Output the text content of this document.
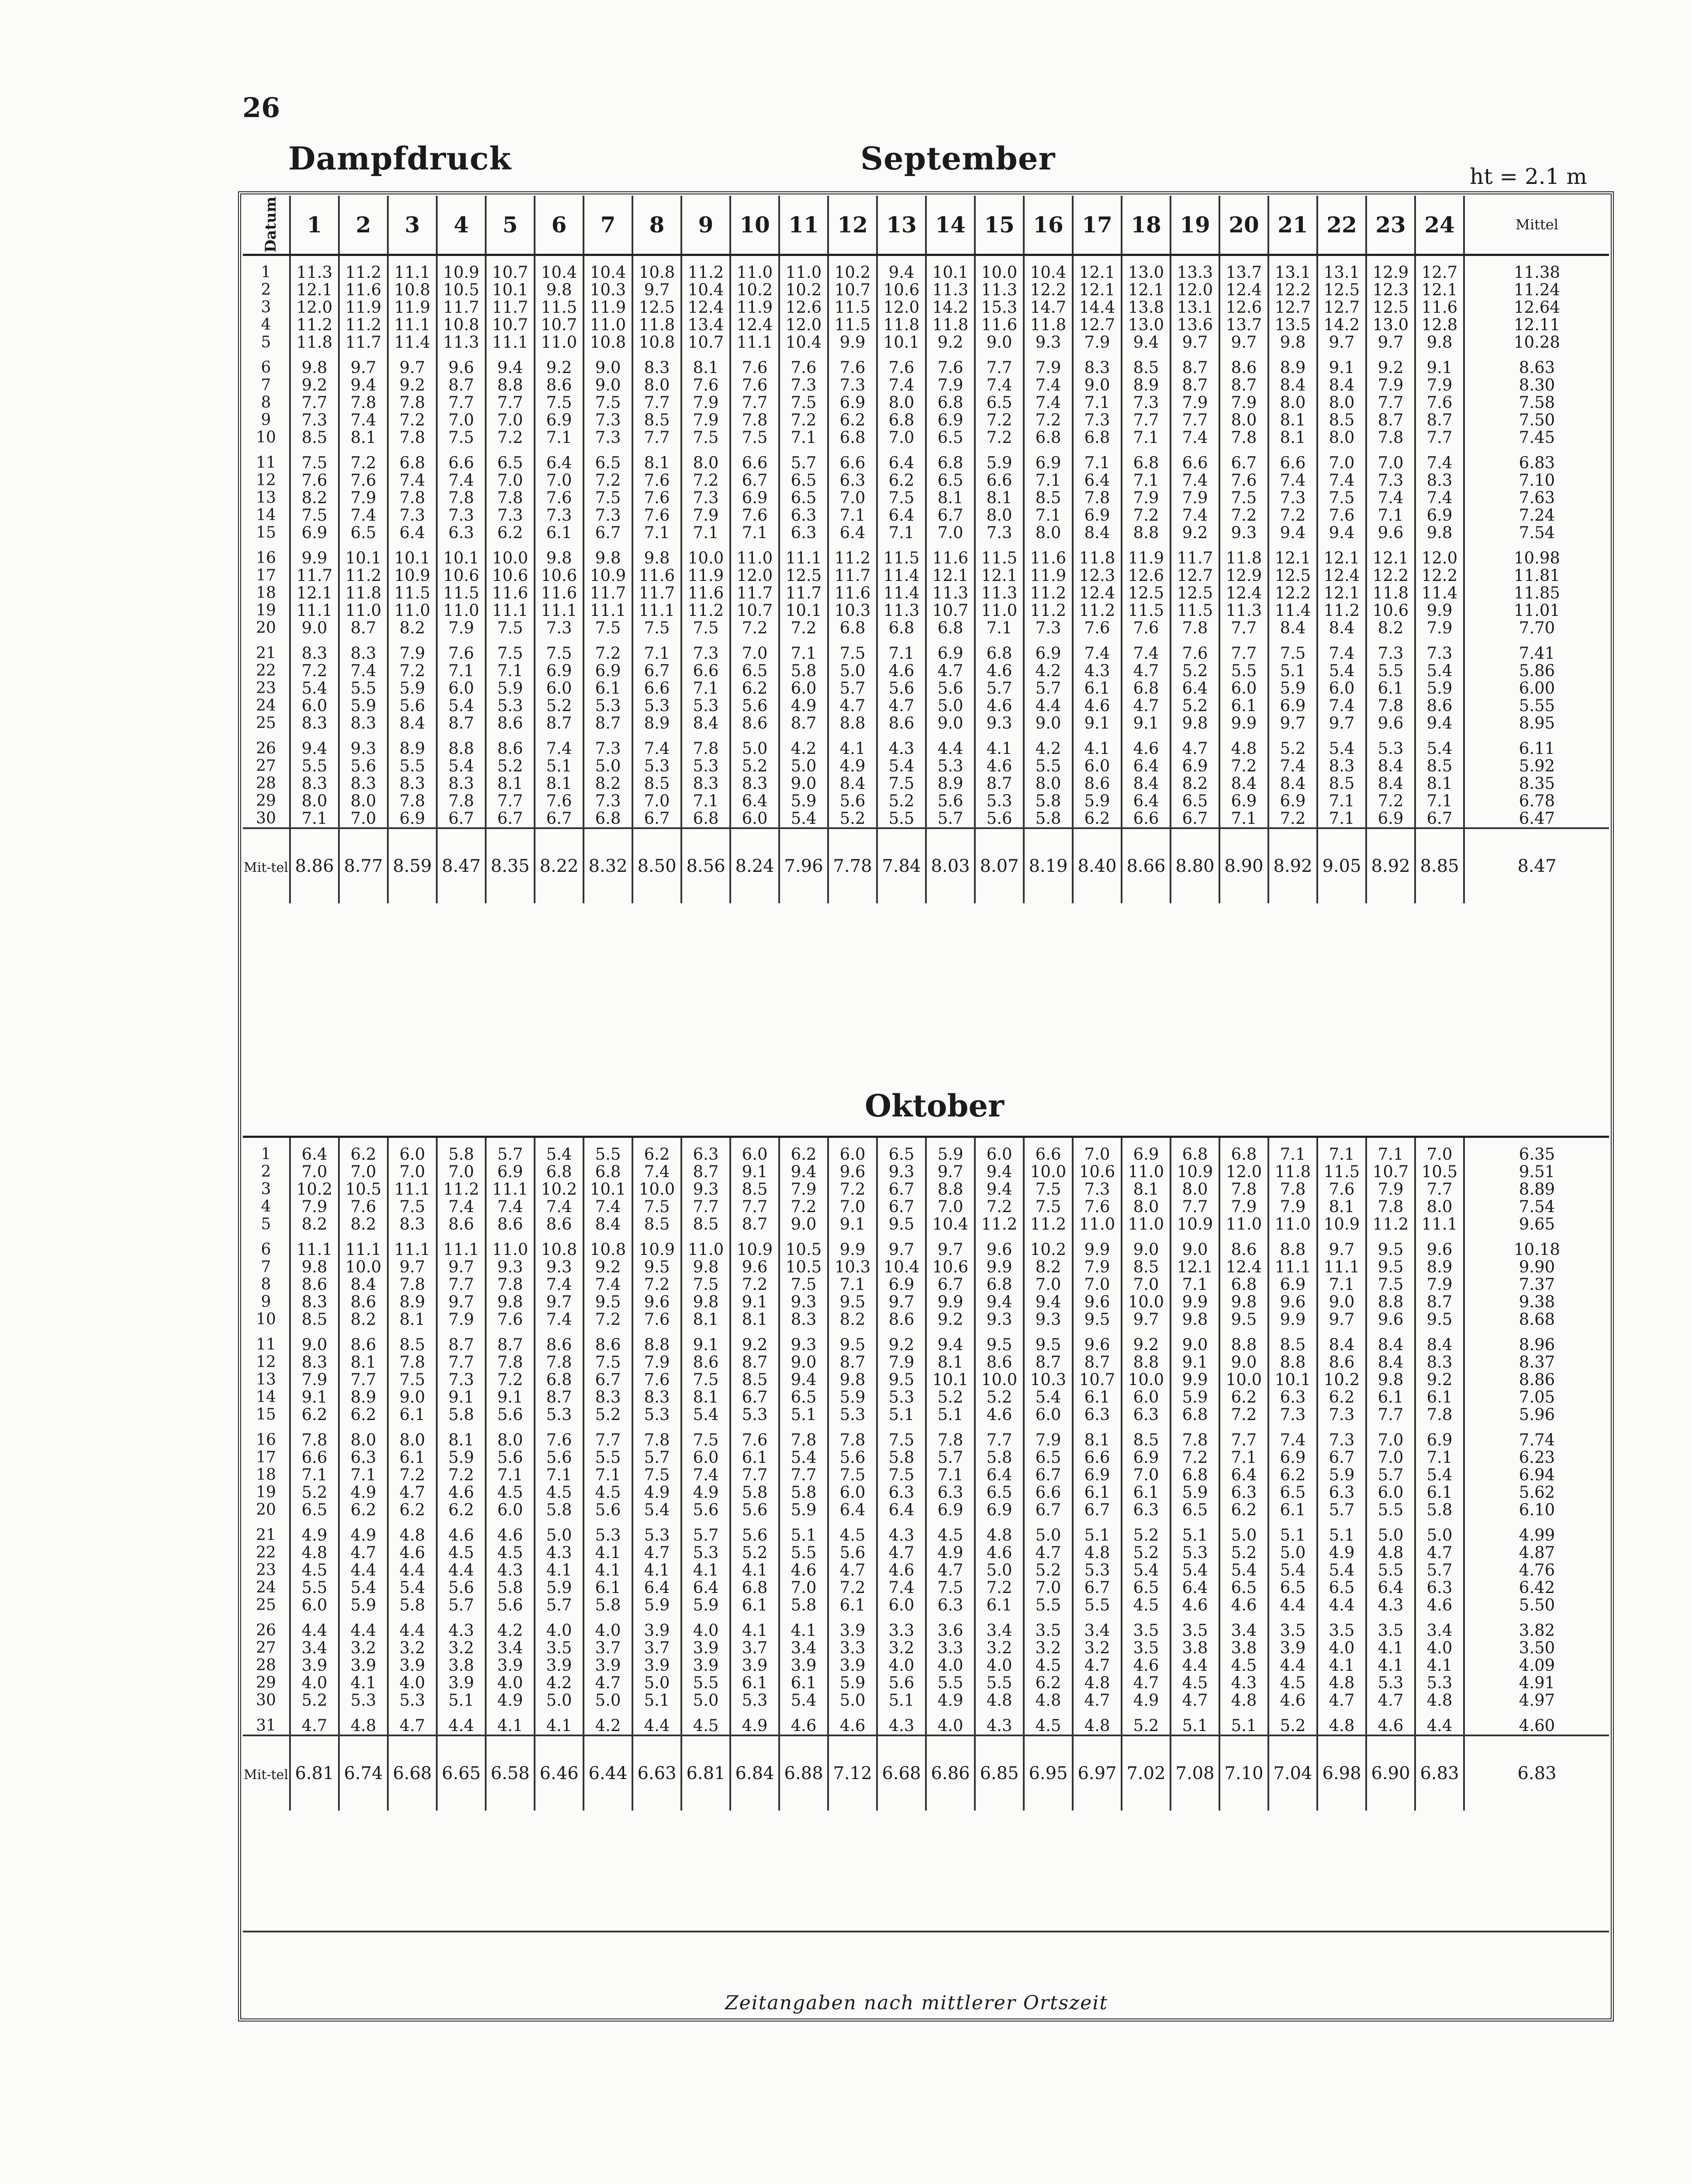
26
Dampfdruck	September	ht = 2.1 m
Datum	1	2	3	4	5	6	7	8	9	10	11	12	13	14	15	16	17	18	19	20	21	22	23	24	Mittel
1	11.3	11.2	11.1	10.9	10.7	10.4	10.4	10.8	11.2	11.0	11.0	10.2	9.4	10.1	10.0	10.4	12.1	13.0	13.3	13.7	13.1	13.1	12.9	12.7	11.38
2	12.1	11.6	10.8	10.5	10.1	9.8	10.3	9.7	10.4	10.2	10.2	10.7	10.6	11.3	11.3	12.2	12.1	12.1	12.0	12.4	12.2	12.5	12.3	12.1	11.24
3	12.0	11.9	11.9	11.7	11.7	11.5	11.9	12.5	12.4	11.9	12.6	11.5	12.0	14.2	15.3	14.7	14.4	13.8	13.1	12.6	12.7	12.7	12.5	11.6	12.64
4	11.2	11.2	11.1	10.8	10.7	10.7	11.0	11.8	13.4	12.4	12.0	11.5	11.8	11.8	11.6	11.8	12.7	13.0	13.6	13.7	13.5	14.2	13.0	12.8	12.11
5	11.8	11.7	11.4	11.3	11.1	11.0	10.8	10.8	10.7	11.1	10.4	9.9	10.1	9.2	9.0	9.3	7.9	9.4	9.7	9.7	9.8	9.7	9.7	9.8	10.28
6	9.8	9.7	9.7	9.6	9.4	9.2	9.0	8.3	8.1	7.6	7.6	7.6	7.6	7.6	7.7	7.9	8.3	8.5	8.7	8.6	8.9	9.1	9.2	9.1	8.63
7	9.2	9.4	9.2	8.7	8.8	8.6	9.0	8.0	7.6	7.6	7.3	7.3	7.4	7.9	7.4	7.4	9.0	8.9	8.7	8.7	8.4	8.4	7.9	7.9	8.30
8	7.7	7.8	7.8	7.7	7.7	7.5	7.5	7.7	7.9	7.7	7.5	6.9	8.0	6.8	6.5	7.4	7.1	7.3	7.9	7.9	8.0	8.0	7.7	7.6	7.58
9	7.3	7.4	7.2	7.0	7.0	6.9	7.3	8.5	7.9	7.8	7.2	6.2	6.8	6.9	7.2	7.2	7.3	7.7	7.7	8.0	8.1	8.5	8.7	8.7	7.50
10	8.5	8.1	7.8	7.5	7.2	7.1	7.3	7.7	7.5	7.5	7.1	6.8	7.0	6.5	7.2	6.8	6.8	7.1	7.4	7.8	8.1	8.0	7.8	7.7	7.45
11	7.5	7.2	6.8	6.6	6.5	6.4	6.5	8.1	8.0	6.6	5.7	6.6	6.4	6.8	5.9	6.9	7.1	6.8	6.6	6.7	6.6	7.0	7.0	7.4	6.83
12	7.6	7.6	7.4	7.4	7.0	7.0	7.2	7.6	7.2	6.7	6.5	6.3	6.2	6.5	6.6	7.1	6.4	7.1	7.4	7.6	7.4	7.4	7.3	8.3	7.10
13	8.2	7.9	7.8	7.8	7.8	7.6	7.5	7.6	7.3	6.9	6.5	7.0	7.5	8.1	8.1	8.5	7.8	7.9	7.9	7.5	7.3	7.5	7.4	7.4	7.63
14	7.5	7.4	7.3	7.3	7.3	7.3	7.3	7.6	7.9	7.6	6.3	7.1	6.4	6.7	8.0	7.1	6.9	7.2	7.4	7.2	7.2	7.6	7.1	6.9	7.24
15	6.9	6.5	6.4	6.3	6.2	6.1	6.7	7.1	7.1	7.1	6.3	6.4	7.1	7.0	7.3	8.0	8.4	8.8	9.2	9.3	9.4	9.4	9.6	9.8	7.54
16	9.9	10.1	10.1	10.1	10.0	9.8	9.8	9.8	10.0	11.0	11.1	11.2	11.5	11.6	11.5	11.6	11.8	11.9	11.7	11.8	12.1	12.1	12.1	12.0	10.98
17	11.7	11.2	10.9	10.6	10.6	10.6	10.9	11.6	11.9	12.0	12.5	11.7	11.4	12.1	12.1	11.9	12.3	12.6	12.7	12.9	12.5	12.4	12.2	12.2	11.81
18	12.1	11.8	11.5	11.5	11.6	11.6	11.7	11.7	11.6	11.7	11.7	11.6	11.4	11.3	11.3	11.2	12.4	12.5	12.5	12.4	12.2	12.1	11.8	11.4	11.85
19	11.1	11.0	11.0	11.0	11.1	11.1	11.1	11.1	11.2	10.7	10.1	10.3	11.3	10.7	11.0	11.2	11.2	11.5	11.5	11.3	11.4	11.2	10.6	9.9	11.01
20	9.0	8.7	8.2	7.9	7.5	7.3	7.5	7.5	7.5	7.2	7.2	6.8	6.8	6.8	7.1	7.3	7.6	7.6	7.8	7.7	8.4	8.4	8.2	7.9	7.70
21	8.3	8.3	7.9	7.6	7.5	7.5	7.2	7.1	7.3	7.0	7.1	7.5	7.1	6.9	6.8	6.9	7.4	7.4	7.6	7.7	7.5	7.4	7.3	7.3	7.41
22	7.2	7.4	7.2	7.1	7.1	6.9	6.9	6.7	6.6	6.5	5.8	5.0	4.6	4.7	4.6	4.2	4.3	4.7	5.2	5.5	5.1	5.4	5.5	5.4	5.86
23	5.4	5.5	5.9	6.0	5.9	6.0	6.1	6.6	7.1	6.2	6.0	5.7	5.6	5.6	5.7	5.7	6.1	6.8	6.4	6.0	5.9	6.0	6.1	5.9	6.00
24	6.0	5.9	5.6	5.4	5.3	5.2	5.3	5.3	5.3	5.6	4.9	4.7	4.7	5.0	4.6	4.4	4.6	4.7	5.2	6.1	6.9	7.4	7.8	8.6	5.55
25	8.3	8.3	8.4	8.7	8.6	8.7	8.7	8.9	8.4	8.6	8.7	8.8	8.6	9.0	9.3	9.0	9.1	9.1	9.8	9.9	9.7	9.7	9.6	9.4	8.95
26	9.4	9.3	8.9	8.8	8.6	7.4	7.3	7.4	7.8	5.0	4.2	4.1	4.3	4.4	4.1	4.2	4.1	4.6	4.7	4.8	5.2	5.4	5.3	5.4	6.11
27	5.5	5.6	5.5	5.4	5.2	5.1	5.0	5.3	5.3	5.2	5.0	4.9	5.4	5.3	4.6	5.5	6.0	6.4	6.9	7.2	7.4	8.3	8.4	8.5	5.92
28	8.3	8.3	8.3	8.3	8.1	8.1	8.2	8.5	8.3	8.3	9.0	8.4	7.5	8.9	8.7	8.0	8.6	8.4	8.2	8.4	8.4	8.5	8.4	8.1	8.35
29	8.0	8.0	7.8	7.8	7.7	7.6	7.3	7.0	7.1	6.4	5.9	5.6	5.2	5.6	5.3	5.8	5.9	6.4	6.5	6.9	6.9	7.1	7.2	7.1	6.78
30	7.1	7.0	6.9	6.7	6.7	6.7	6.8	6.7	6.8	6.0	5.4	5.2	5.5	5.7	5.6	5.8	6.2	6.6	6.7	7.1	7.2	7.1	6.9	6.7	6.47
Mit-tel	8.86	8.77	8.59	8.47	8.35	8.22	8.32	8.50	8.56	8.24	7.96	7.78	7.84	8.03	8.07	8.19	8.40	8.66	8.80	8.90	8.92	9.05	8.92	8.85	8.47
Oktober
1	6.4	6.2	6.0	5.8	5.7	5.4	5.5	6.2	6.3	6.0	6.2	6.0	6.5	5.9	6.0	6.6	7.0	6.9	6.8	6.8	7.1	7.1	7.1	7.0	6.35
2	7.0	7.0	7.0	7.0	6.9	6.8	6.8	7.4	8.7	9.1	9.4	9.6	9.3	9.7	9.4	10.0	10.6	11.0	10.9	12.0	11.8	11.5	10.7	10.5	9.51
3	10.2	10.5	11.1	11.2	11.1	10.2	10.1	10.0	9.3	8.5	7.9	7.2	6.7	8.8	9.4	7.5	7.3	8.1	8.0	7.8	7.8	7.6	7.9	7.7	8.89
4	7.9	7.6	7.5	7.4	7.4	7.4	7.4	7.5	7.7	7.7	7.2	7.0	6.7	7.0	7.2	7.5	7.6	8.0	7.7	7.9	7.9	8.1	7.8	8.0	7.54
5	8.2	8.2	8.3	8.6	8.6	8.6	8.4	8.5	8.5	8.7	9.0	9.1	9.5	10.4	11.2	11.2	11.0	11.0	10.9	11.0	11.0	10.9	11.2	11.1	9.65
6	11.1	11.1	11.1	11.1	11.0	10.8	10.8	10.9	11.0	10.9	10.5	9.9	9.7	9.7	9.6	10.2	9.9	9.0	9.0	8.6	8.8	9.7	9.5	9.6	10.18
7	9.8	10.0	9.7	9.7	9.3	9.3	9.2	9.5	9.8	9.6	10.5	10.3	10.4	10.6	9.9	8.2	7.9	8.5	12.1	12.4	11.1	11.1	9.5	8.9	9.90
8	8.6	8.4	7.8	7.7	7.8	7.4	7.4	7.2	7.5	7.2	7.5	7.1	6.9	6.7	6.8	7.0	7.0	7.0	7.1	6.8	6.9	7.1	7.5	7.9	7.37
9	8.3	8.6	8.9	9.7	9.8	9.7	9.5	9.6	9.8	9.1	9.3	9.5	9.7	9.9	9.4	9.4	9.6	10.0	9.9	9.8	9.6	9.0	8.8	8.7	9.38
10	8.5	8.2	8.1	7.9	7.6	7.4	7.2	7.6	8.1	8.1	8.3	8.2	8.6	9.2	9.3	9.3	9.5	9.7	9.8	9.5	9.9	9.7	9.6	9.5	8.68
11	9.0	8.6	8.5	8.7	8.7	8.6	8.6	8.8	9.1	9.2	9.3	9.5	9.2	9.4	9.5	9.5	9.6	9.2	9.0	8.8	8.5	8.4	8.4	8.4	8.96
12	8.3	8.1	7.8	7.7	7.8	7.8	7.5	7.9	8.6	8.7	9.0	8.7	7.9	8.1	8.6	8.7	8.7	8.8	9.1	9.0	8.8	8.6	8.4	8.3	8.37
13	7.9	7.7	7.5	7.3	7.2	6.8	6.7	7.6	7.5	8.5	9.4	9.8	9.5	10.1	10.0	10.3	10.7	10.0	9.9	10.0	10.1	10.2	9.8	9.2	8.86
14	9.1	8.9	9.0	9.1	9.1	8.7	8.3	8.3	8.1	6.7	6.5	5.9	5.3	5.2	5.2	5.4	6.1	6.0	5.9	6.2	6.3	6.2	6.1	6.1	7.05
15	6.2	6.2	6.1	5.8	5.6	5.3	5.2	5.3	5.4	5.3	5.1	5.3	5.1	5.1	4.6	6.0	6.3	6.3	6.8	7.2	7.3	7.3	7.7	7.8	5.96
16	7.8	8.0	8.0	8.1	8.0	7.6	7.7	7.8	7.5	7.6	7.8	7.8	7.5	7.8	7.7	7.9	8.1	8.5	7.8	7.7	7.4	7.3	7.0	6.9	7.74
17	6.6	6.3	6.1	5.9	5.6	5.6	5.5	5.7	6.0	6.1	5.4	5.6	5.8	5.7	5.8	6.5	6.6	6.9	7.2	7.1	6.9	6.7	7.0	7.1	6.23
18	7.1	7.1	7.2	7.2	7.1	7.1	7.1	7.5	7.4	7.7	7.7	7.5	7.5	7.1	6.4	6.7	6.9	7.0	6.8	6.4	6.2	5.9	5.7	5.4	6.94
19	5.2	4.9	4.7	4.6	4.5	4.5	4.5	4.9	4.9	5.8	5.8	6.0	6.3	6.3	6.5	6.6	6.1	6.1	5.9	6.3	6.5	6.3	6.0	6.1	5.62
20	6.5	6.2	6.2	6.2	6.0	5.8	5.6	5.4	5.6	5.6	5.9	6.4	6.4	6.9	6.9	6.7	6.7	6.3	6.5	6.2	6.1	5.7	5.5	5.8	6.10
21	4.9	4.9	4.8	4.6	4.6	5.0	5.3	5.3	5.7	5.6	5.1	4.5	4.3	4.5	4.8	5.0	5.1	5.2	5.1	5.0	5.1	5.1	5.0	5.0	4.99
22	4.8	4.7	4.6	4.5	4.5	4.3	4.1	4.7	5.3	5.2	5.5	5.6	4.7	4.9	4.6	4.7	4.8	5.2	5.3	5.2	5.0	4.9	4.8	4.7	4.87
23	4.5	4.4	4.4	4.4	4.3	4.1	4.1	4.1	4.1	4.1	4.6	4.7	4.6	4.7	5.0	5.2	5.3	5.4	5.4	5.4	5.4	5.4	5.5	5.7	4.76
24	5.5	5.4	5.4	5.6	5.8	5.9	6.1	6.4	6.4	6.8	7.0	7.2	7.4	7.5	7.2	7.0	6.7	6.5	6.4	6.5	6.5	6.5	6.4	6.3	6.42
25	6.0	5.9	5.8	5.7	5.6	5.7	5.8	5.9	5.9	6.1	5.8	6.1	6.0	6.3	6.1	5.5	5.5	4.5	4.6	4.6	4.4	4.4	4.3	4.6	5.50
26	4.4	4.4	4.4	4.3	4.2	4.0	4.0	3.9	4.0	4.1	4.1	3.9	3.3	3.6	3.4	3.5	3.4	3.5	3.5	3.4	3.5	3.5	3.5	3.4	3.82
27	3.4	3.2	3.2	3.2	3.4	3.5	3.7	3.7	3.9	3.7	3.4	3.3	3.2	3.3	3.2	3.2	3.2	3.5	3.8	3.8	3.9	4.0	4.1	4.0	3.50
28	3.9	3.9	3.9	3.8	3.9	3.9	3.9	3.9	3.9	3.9	3.9	3.9	4.0	4.0	4.0	4.5	4.7	4.6	4.4	4.5	4.4	4.1	4.1	4.1	4.09
29	4.0	4.1	4.0	3.9	4.0	4.2	4.7	5.0	5.5	6.1	6.1	5.9	5.6	5.5	5.5	6.2	4.8	4.7	4.5	4.3	4.5	4.8	5.3	5.3	4.91
30	5.2	5.3	5.3	5.1	4.9	5.0	5.0	5.1	5.0	5.3	5.4	5.0	5.1	4.9	4.8	4.8	4.7	4.9	4.7	4.8	4.6	4.7	4.7	4.8	4.97
31	4.7	4.8	4.7	4.4	4.1	4.1	4.2	4.4	4.5	4.9	4.6	4.6	4.3	4.0	4.3	4.5	4.8	5.2	5.1	5.1	5.2	4.8	4.6	4.4	4.60
Mit-tel	6.81	6.74	6.68	6.65	6.58	6.46	6.44	6.63	6.81	6.84	6.88	7.12	6.68	6.86	6.85	6.95	6.97	7.02	7.08	7.10	7.04	6.98	6.90	6.83	6.83
Zeitangaben nach mittlerer Ortszeit
